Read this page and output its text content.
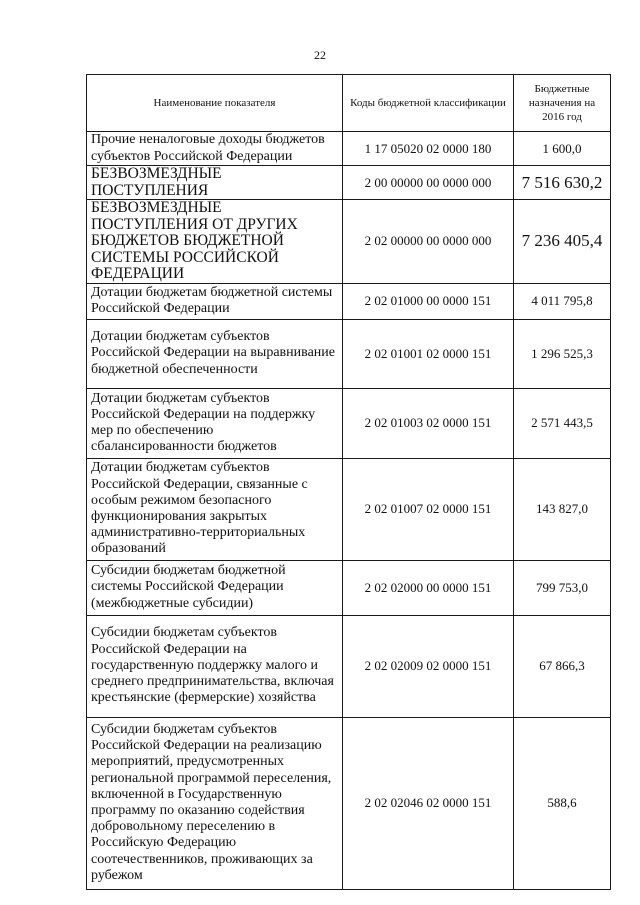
22
Наименование показателя	Коды бюджетной классификации	Бюджетные назначения на 2016 год
Прочие неналоговые доходы бюджетов субъектов Российской Федерации	1 17 05020 02 0000 180	1 600,0
БЕЗВОЗМЕЗДНЫЕ ПОСТУПЛЕНИЯ	2 00 00000 00 0000 000	7 516 630,2
БЕЗВОЗМЕЗДНЫЕ ПОСТУПЛЕНИЯ ОТ ДРУГИХ БЮДЖЕТОВ БЮДЖЕТНОЙ СИСТЕМЫ РОССИЙСКОЙ ФЕДЕРАЦИИ	2 02 00000 00 0000 000	7 236 405,4
Дотации бюджетам бюджетной системы Российской Федерации	2 02 01000 00 0000 151	4 011 795,8
Дотации бюджетам субъектов Российской Федерации на выравнивание бюджетной обеспеченности	2 02 01001 02 0000 151	1 296 525,3
Дотации бюджетам субъектов Российской Федерации на поддержку мер по обеспечению сбалансированности бюджетов	2 02 01003 02 0000 151	2 571 443,5
Дотации бюджетам субъектов Российской Федерации, связанные с особым режимом безопасного функционирования закрытых административно-территориальных образований	2 02 01007 02 0000 151	143 827,0
Субсидии бюджетам бюджетной системы Российской Федерации (межбюджетные субсидии)	2 02 02000 00 0000 151	799 753,0
Субсидии бюджетам субъектов Российской Федерации на государственную поддержку малого и среднего предпринимательства, включая крестьянские (фермерские) хозяйства	2 02 02009 02 0000 151	67 866,3
Субсидии бюджетам субъектов Российской Федерации на реализацию мероприятий, предусмотренных региональной программой переселения, включенной в Государственную программу по оказанию содействия добровольному переселению в Российскую Федерацию соотечественников, проживающих за рубежом	2 02 02046 02 0000 151	588,6
